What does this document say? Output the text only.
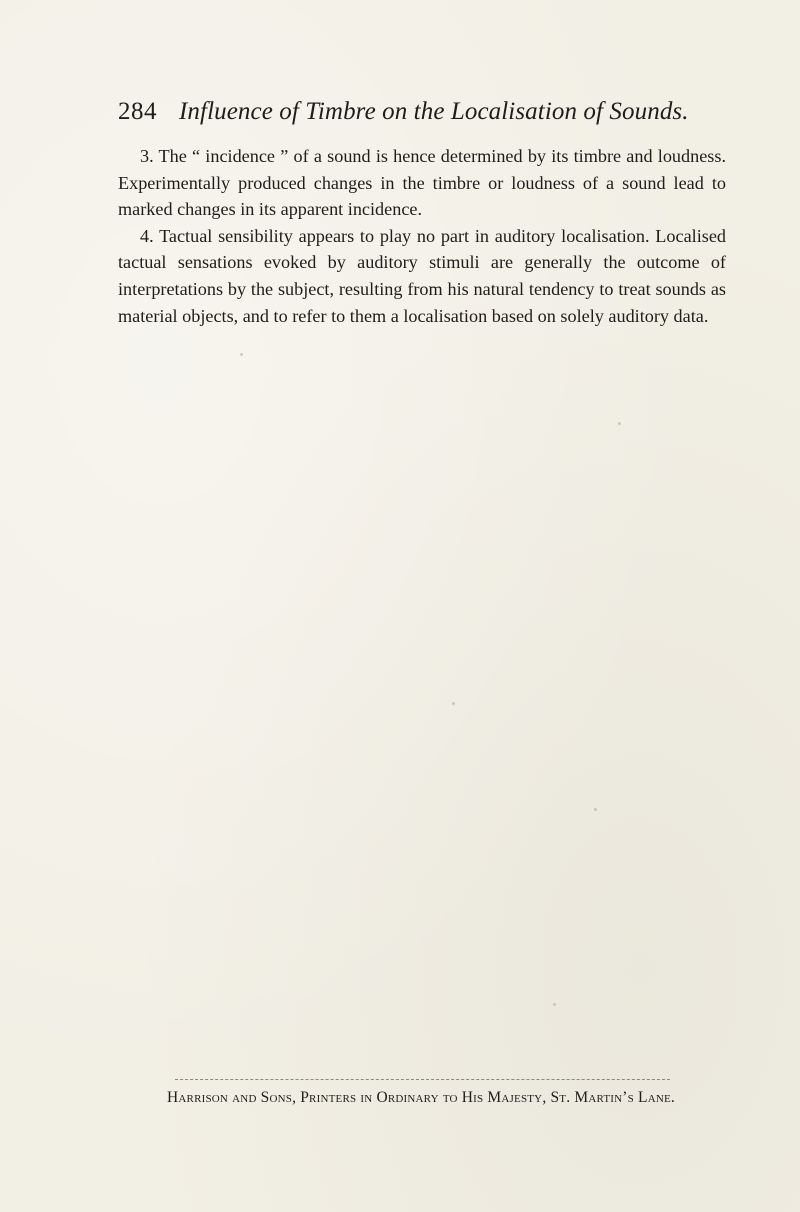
284 Influence of Timbre on the Localisation of Sounds.

3. The “ incidence ” of a sound is hence determined by its timbre and loudness. Experimentally produced changes in the timbre or loudness of a sound lead to marked changes in its apparent incidence.

4. Tactual sensibility appears to play no part in auditory localisation. Localised tactual sensations evoked by auditory stimuli are generally the outcome of interpretations by the subject, resulting from his natural tendency to treat sounds as material objects, and to refer to them a localisation based on solely auditory data.

Harrison and Sons, Printers in Ordinary to His Majesty, St. Martin’s Lane.
